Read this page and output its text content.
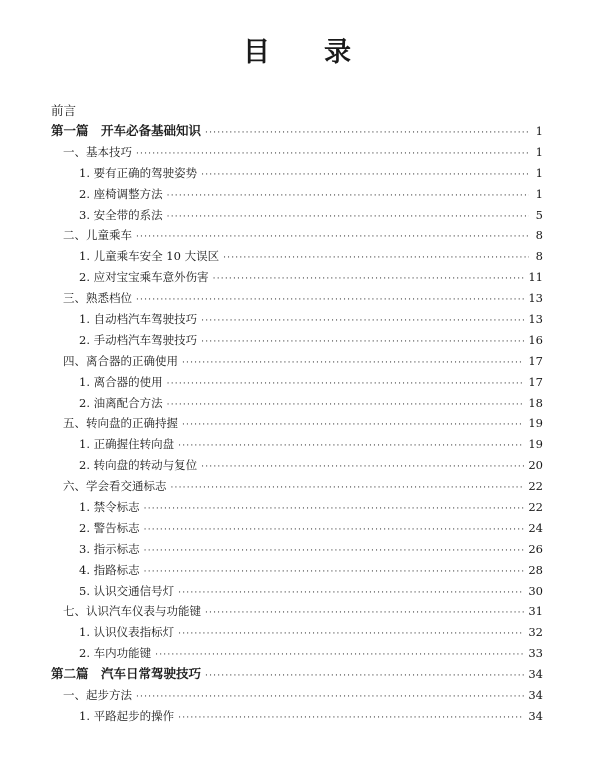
目 录
前言
第一篇　开车必备基础知识 ·····	1
一、基本技巧 ·····	1
1. 要有正确的驾驶姿势 ·····	1
2. 座椅调整方法 ·····	1
3. 安全带的系法 ·····	5
二、儿童乘车 ·····	8
1. 儿童乘车安全 10 大误区 ·····	8
2. 应对宝宝乘车意外伤害 ·····	11
三、熟悉档位 ·····	13
1. 自动档汽车驾驶技巧 ·····	13
2. 手动档汽车驾驶技巧 ·····	16
四、离合器的正确使用 ·····	17
1. 离合器的使用 ·····	17
2. 油离配合方法 ·····	18
五、转向盘的正确持握 ·····	19
1. 正确握住转向盘 ·····	19
2. 转向盘的转动与复位 ·····	20
六、学会看交通标志 ·····	22
1. 禁令标志 ·····	22
2. 警告标志 ·····	24
3. 指示标志 ·····	26
4. 指路标志 ·····	28
5. 认识交通信号灯 ·····	30
七、认识汽车仪表与功能键 ·····	31
1. 认识仪表指标灯 ·····	32
2. 车内功能键 ·····	33
第二篇　汽车日常驾驶技巧 ·····	34
一、起步方法 ·····	34
1. 平路起步的操作 ·····	34
